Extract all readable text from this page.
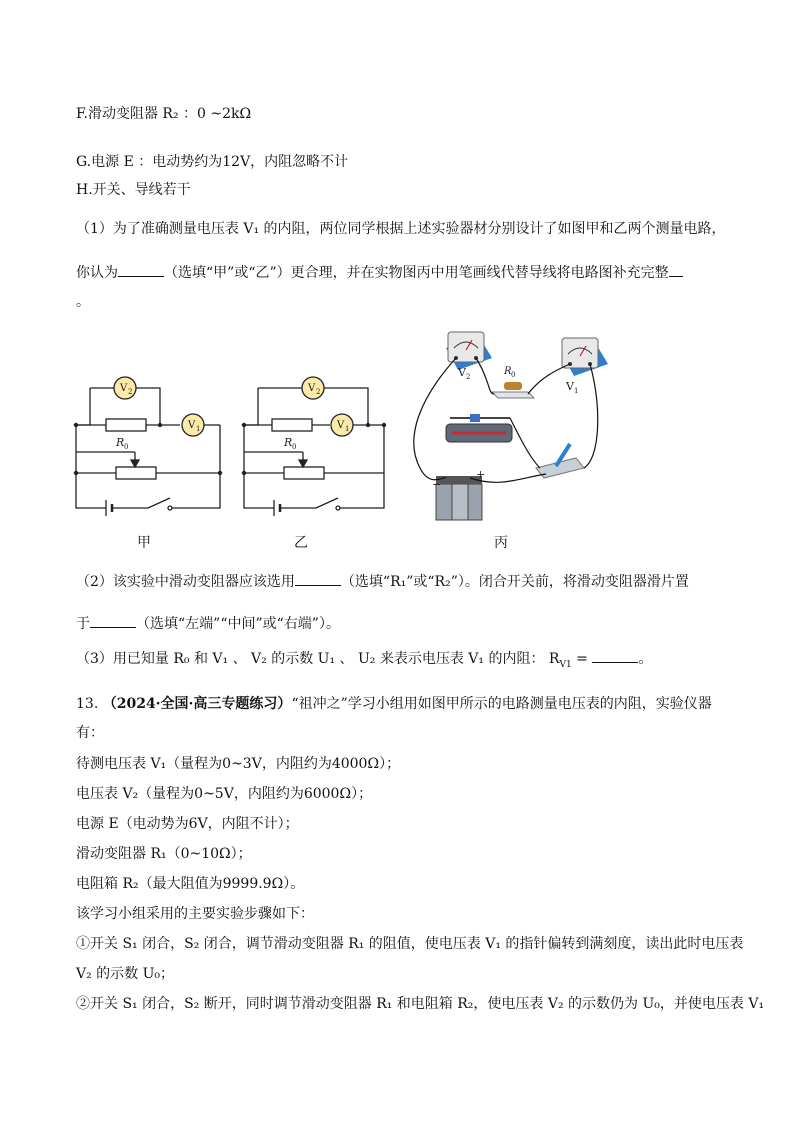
F.滑动变阻器 R₂ ：0 ~2kΩ
G.电源 E ：电动势约为12V，内阻忽略不计
H.开关、导线若干
（1）为了准确测量电压表 V₁ 的内阻，两位同学根据上述实验器材分别设计了如图甲和乙两个测量电路，
你认为	（选填“甲”或“乙”）更合理，并在实物图丙中用笔画线代替导线将电路图补充完整
。
V 2
V 1
R 0
V 2
V 1
R 0
V 2
V 1
R 0
−
+
甲	乙	丙
（2）该实验中滑动变阻器应该选用	（选填“R₁”或“R₂”）。闭合开关前，将滑动变阻器滑片置
于	（选填“左端”“中间”或“右端”）。
（3）用已知量 R₀ 和 V₁ 、 V₂ 的示数 U₁ 、 U₂ 来表示电压表 V₁ 的内阻： $R_{V1}$ =	。
13. （2024·全国·高三专题练习）“祖冲之”学习小组用如图甲所示的电路测量电压表的内阻，实验仪器
有：
待测电压表 V₁（量程为0~3V，内阻约为4000Ω）；
电压表 V₂（量程为0~5V，内阻约为6000Ω）；
电源 E（电动势为6V，内阻不计）；
滑动变阻器 R₁（0~10Ω）；
电阻箱 R₂（最大阻值为9999.9Ω）。
该学习小组采用的主要实验步骤如下：
①开关 S₁ 闭合，S₂ 闭合，调节滑动变阻器 R₁ 的阻值，使电压表 V₁ 的指针偏转到满刻度，读出此时电压表
V₂ 的示数 U₀；
②开关 S₁ 闭合，S₂ 断开，同时调节滑动变阻器 R₁ 和电阻箱 R₂，使电压表 V₂ 的示数仍为 U₀，并使电压表 V₁
